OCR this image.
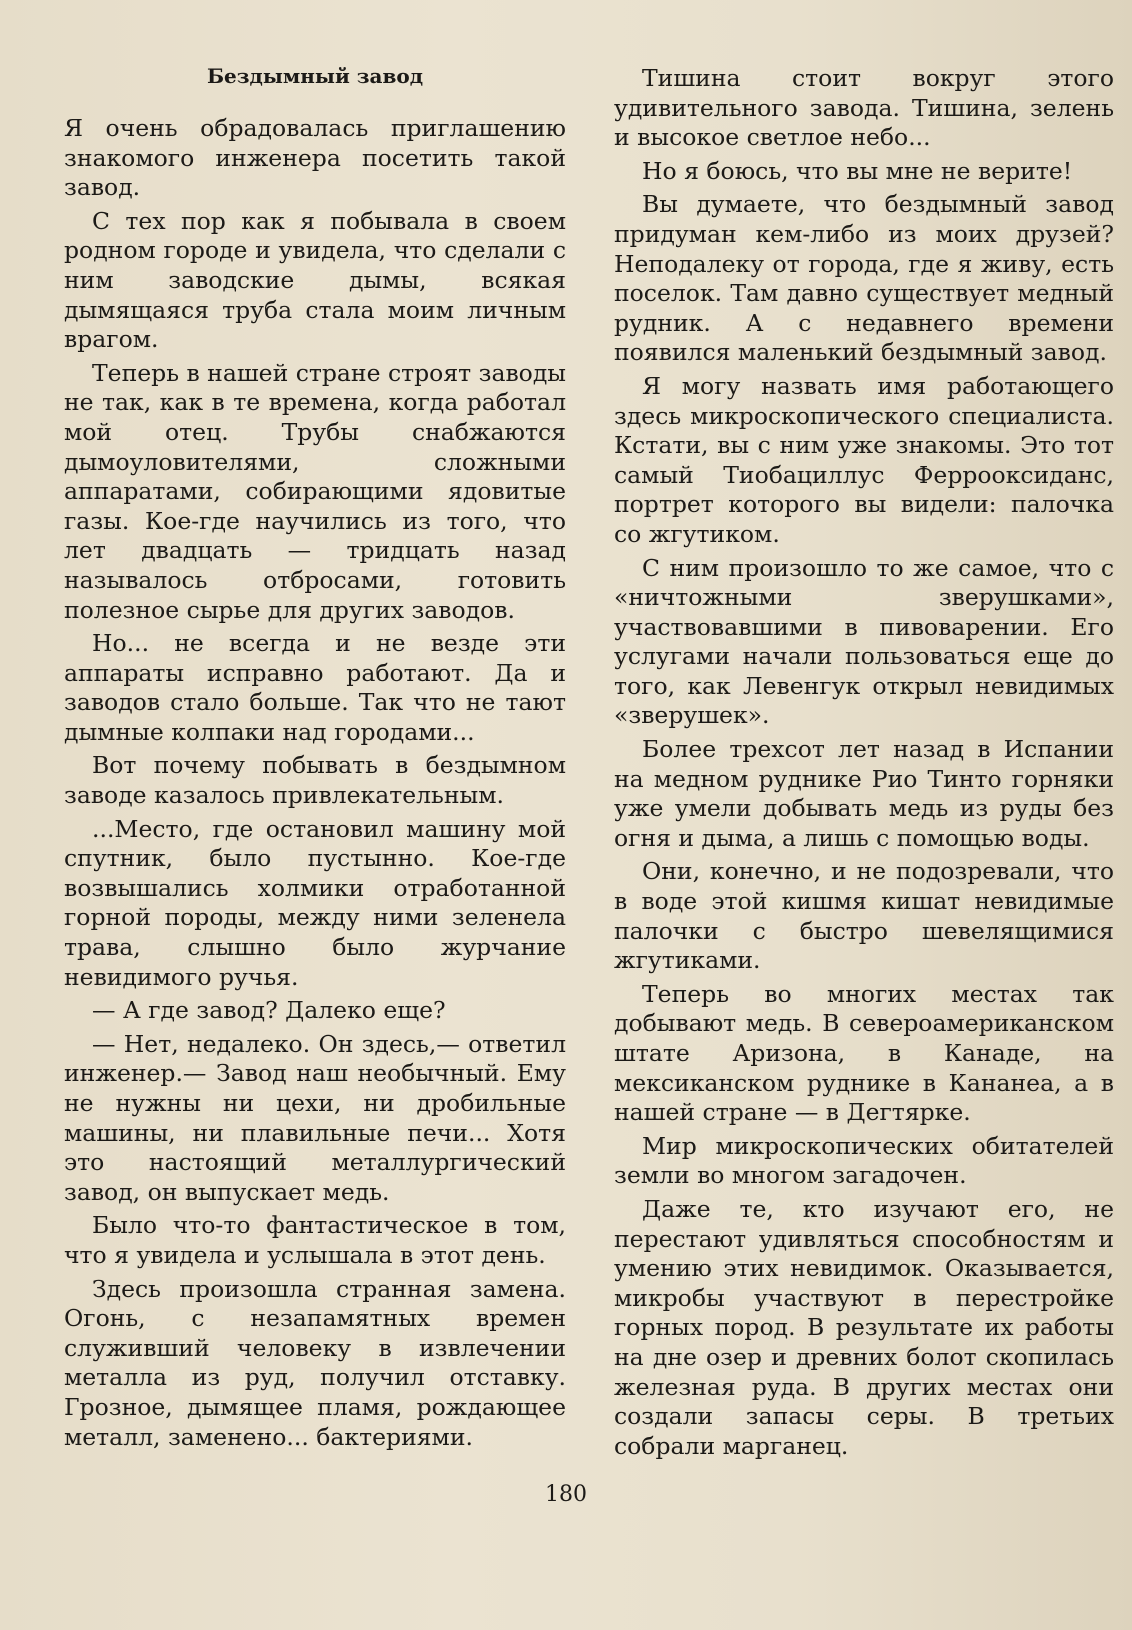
Бездымный завод

Я очень обрадовалась приглашению знакомого инженера посетить такой завод.

С тех пор как я побывала в своем родном городе и увидела, что сделали с ним заводские дымы, всякая дымящаяся труба стала моим личным врагом.

Теперь в нашей стране строят заводы не так, как в те времена, когда работал мой отец. Трубы снабжаются дымоуловителями, сложными аппаратами, собирающими ядовитые газы. Кое-где научились из того, что лет двадцать — тридцать назад называлось отбросами, готовить полезное сырье для других заводов.

Но... не всегда и не везде эти аппараты исправно работают. Да и заводов стало больше. Так что не тают дымные колпаки над городами...

Вот почему побывать в бездымном заводе казалось привлекательным.

...Место, где остановил машину мой спутник, было пустынно. Кое-где возвышались холмики отработанной горной породы, между ними зеленела трава, слышно было журчание невидимого ручья.

— А где завод? Далеко еще?

— Нет, недалеко. Он здесь,— ответил инженер.— Завод наш необычный. Ему не нужны ни цехи, ни дробильные машины, ни плавильные печи... Хотя это настоящий металлургический завод, он выпускает медь.

Было что-то фантастическое в том, что я увидела и услышала в этот день.

Здесь произошла странная замена. Огонь, с незапамятных времен служивший человеку в извлечении металла из руд, получил отставку. Грозное, дымящее пламя, рождающее металл, заменено... бактериями.

Тишина стоит вокруг этого удивительного завода. Тишина, зелень и высокое светлое небо...

Но я боюсь, что вы мне не верите!

Вы думаете, что бездымный завод придуман кем-либо из моих друзей? Неподалеку от города, где я живу, есть поселок. Там давно существует медный рудник. А с недавнего времени появился маленький бездымный завод.

Я могу назвать имя работающего здесь микроскопического специалиста. Кстати, вы с ним уже знакомы. Это тот самый Тиобациллус Феррооксиданс, портрет которого вы видели: палочка со жгутиком.

С ним произошло то же самое, что с «ничтожными зверушками», участвовавшими в пивоварении. Его услугами начали пользоваться еще до того, как Левенгук открыл невидимых «зверушек».

Более трехсот лет назад в Испании на медном руднике Рио Тинто горняки уже умели добывать медь из руды без огня и дыма, а лишь с помощью воды.

Они, конечно, и не подозревали, что в воде этой кишмя кишат невидимые палочки с быстро шевелящимися жгутиками.

Теперь во многих местах так добывают медь. В североамериканском штате Аризона, в Канаде, на мексиканском руднике в Кананеа, а в нашей стране — в Дегтярке.

Мир микроскопических обитателей земли во многом загадочен.

Даже те, кто изучают его, не перестают удивляться способностям и умению этих невидимок. Оказывается, микробы участвуют в перестройке горных пород. В результате их работы на дне озер и древних болот скопилась железная руда. В других местах они создали запасы серы. В третьих собрали марганец.

180
